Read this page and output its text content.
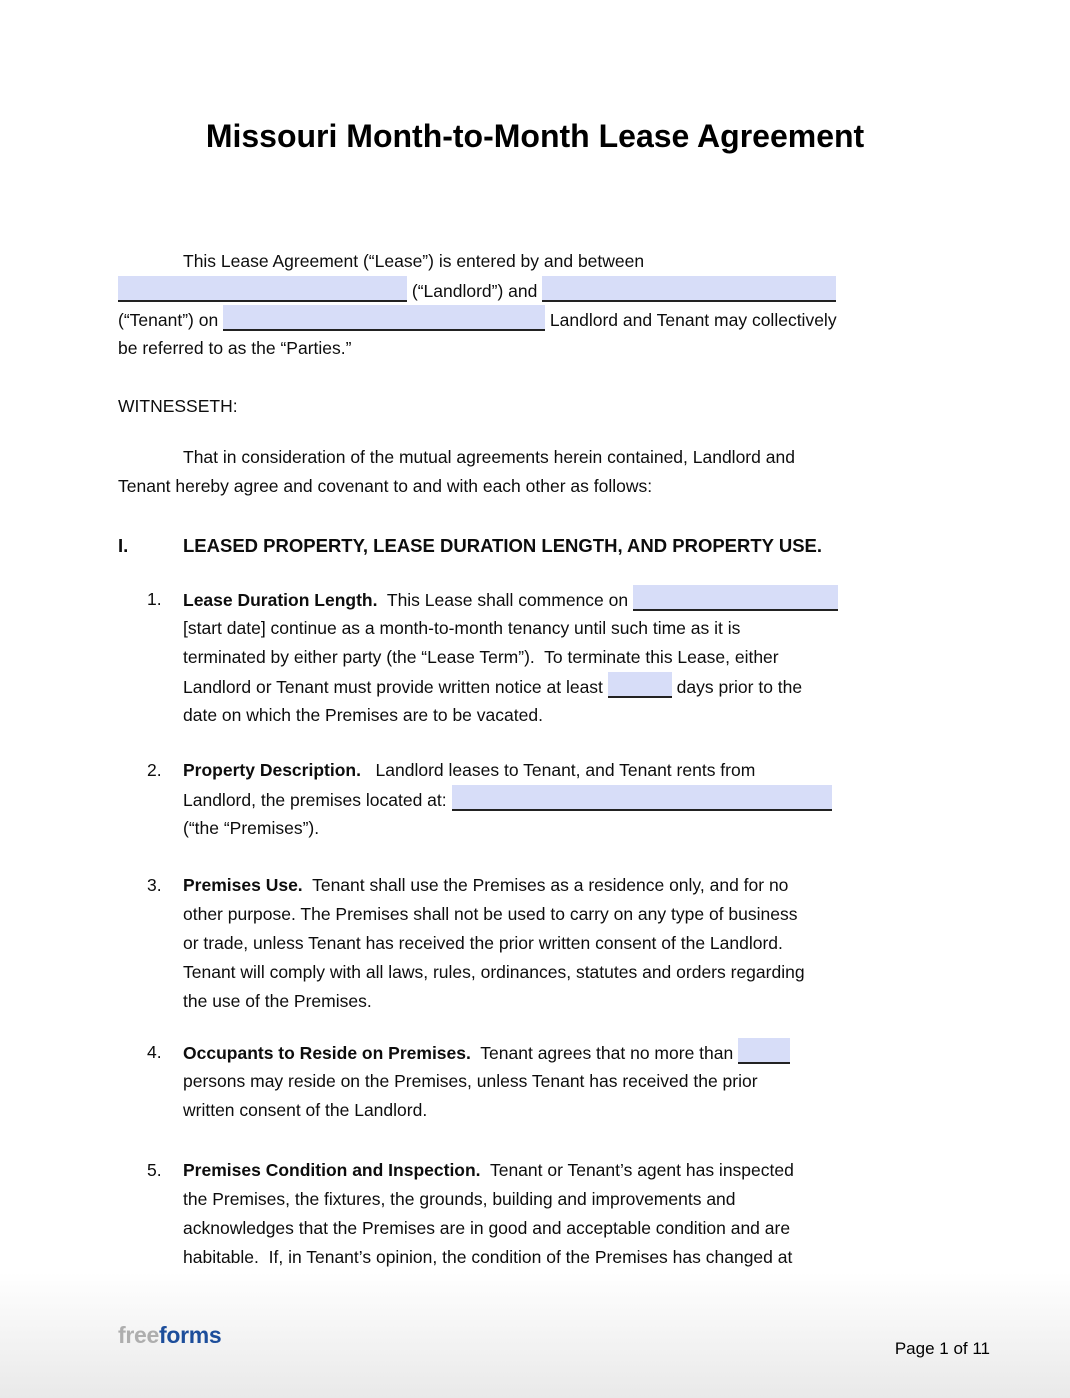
Missouri Month-to-Month Lease Agreement
This Lease Agreement (“Lease”) is entered by and between
(“Landlord”) and
(“Tenant”) on	Landlord and Tenant may collectively
be referred to as the “Parties.”
WITNESSETH:
That in consideration of the mutual agreements herein contained, Landlord and
Tenant hereby agree and covenant to and with each other as follows:
I.	LEASED PROPERTY, LEASE DURATION LENGTH, AND PROPERTY USE.
1. Lease Duration Length.  This Lease shall commence on
[start date] continue as a month-to-month tenancy until such time as it is
terminated by either party (the “Lease Term”).  To terminate this Lease, either
Landlord or Tenant must provide written notice at least	days prior to the
date on which the Premises are to be vacated.
2. Property Description.   Landlord leases to Tenant, and Tenant rents from
Landlord, the premises located at:
(“the “Premises”).
3. Premises Use.  Tenant shall use the Premises as a residence only, and for no
other purpose. The Premises shall not be used to carry on any type of business
or trade, unless Tenant has received the prior written consent of the Landlord.
Tenant will comply with all laws, rules, ordinances, statutes and orders regarding
the use of the Premises.
4. Occupants to Reside on Premises.  Tenant agrees that no more than
persons may reside on the Premises, unless Tenant has received the prior
written consent of the Landlord.
5. Premises Condition and Inspection.  Tenant or Tenant’s agent has inspected
the Premises, the fixtures, the grounds, building and improvements and
acknowledges that the Premises are in good and acceptable condition and are
habitable.  If, in Tenant’s opinion, the condition of the Premises has changed at
freeforms
Page 1 of 11
